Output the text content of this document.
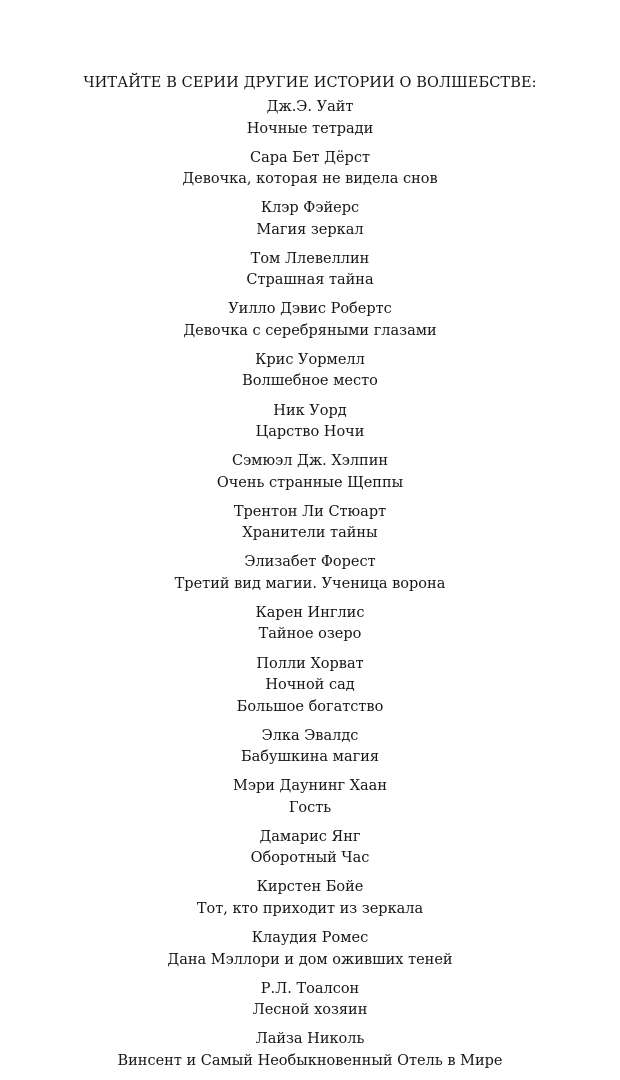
ЧИТАЙТЕ В СЕРИИ ДРУГИЕ ИСТОРИИ О ВОЛШЕБСТВЕ:
Дж.Э. Уайт
Ночные тетради
Сара Бет Дёрст
Девочка, которая не видела снов
Клэр Фэйерс
Магия зеркал
Том Ллевеллин
Страшная тайна
Уилло Дэвис Робертс
Девочка с серебряными глазами
Крис Уормелл
Волшебное место
Ник Уорд
Царство Ночи
Сэмюэл Дж. Хэлпин
Очень странные Щеппы
Трентон Ли Стюарт
Хранители тайны
Элизабет Форест
Третий вид магии. Ученица ворона
Карен Инглис
Тайное озеро
Полли Хорват
Ночной сад
Большое богатство
Элка Эвалдс
Бабушкина магия
Мэри Даунинг Хаан
Гость
Дамарис Янг
Оборотный Час
Кирстен Бойе
Тот, кто приходит из зеркала
Клаудия Ромес
Дана Мэллори и дом оживших теней
Р.Л. Тоалсон
Лесной хозяин
Лайза Николь
Винсент и Самый Необыкновенный Отель в Мире
